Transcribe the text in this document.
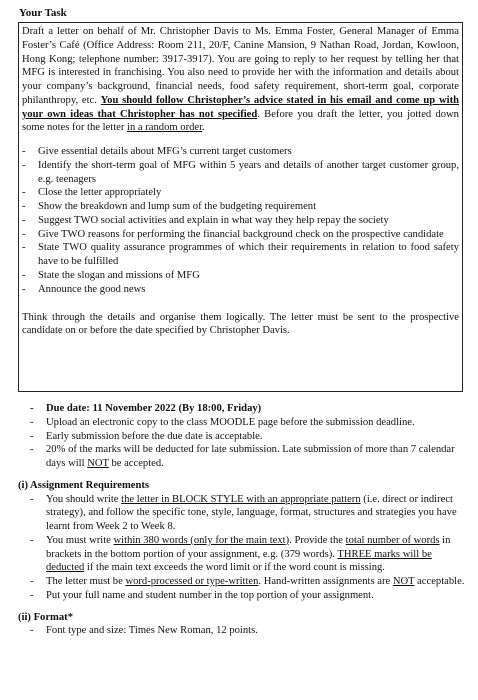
Your Task

Draft a letter on behalf of Mr. Christopher Davis to Ms. Emma Foster, General Manager of Emma Foster’s Café (Office Address: Room 211, 20/F, Canine Mansion, 9 Nathan Road, Jordan, Kowloon, Hong Kong; telephone number: 3917-3917). You are going to reply to her request by telling her that MFG is interested in franchising. You also need to provide her with the information and details about your company’s background, financial needs, food safety requirement, short-term goal, corporate philanthropy, etc. You should follow Christopher’s advice stated in his email and come up with your own ideas that Christopher has not specified. Before you draft the letter, you jotted down some notes for the letter in a random order.

- Give essential details about MFG’s current target customers
- Identify the short-term goal of MFG within 5 years and details of another target customer group, e.g. teenagers
- Close the letter appropriately
- Show the breakdown and lump sum of the budgeting requirement
- Suggest TWO social activities and explain in what way they help repay the society
- Give TWO reasons for performing the financial background check on the prospective candidate
- State TWO quality assurance programmes of which their requirements in relation to food safety have to be fulfilled
- State the slogan and missions of MFG
- Announce the good news

Think through the details and organise them logically. The letter must be sent to the prospective candidate on or before the date specified by Christopher Davis.

- Due date: 11 November 2022 (By 18:00, Friday)
- Upload an electronic copy to the class MOODLE page before the submission deadline.
- Early submission before the due date is acceptable.
- 20% of the marks will be deducted for late submission. Late submission of more than 7 calendar days will NOT be accepted.
(i) Assignment Requirements
- You should write the letter in BLOCK STYLE with an appropriate pattern (i.e. direct or indirect strategy), and follow the specific tone, style, language, format, structures and strategies you have learnt from Week 2 to Week 8.
- You must write within 380 words (only for the main text). Provide the total number of words in brackets in the bottom portion of your assignment, e.g. (379 words). THREE marks will be deducted if the main text exceeds the word limit or if the word count is missing.
- The letter must be word-processed or type-written. Hand-written assignments are NOT acceptable.
- Put your full name and student number in the top portion of your assignment.
(ii) Format*
- Font type and size: Times New Roman, 12 points.
